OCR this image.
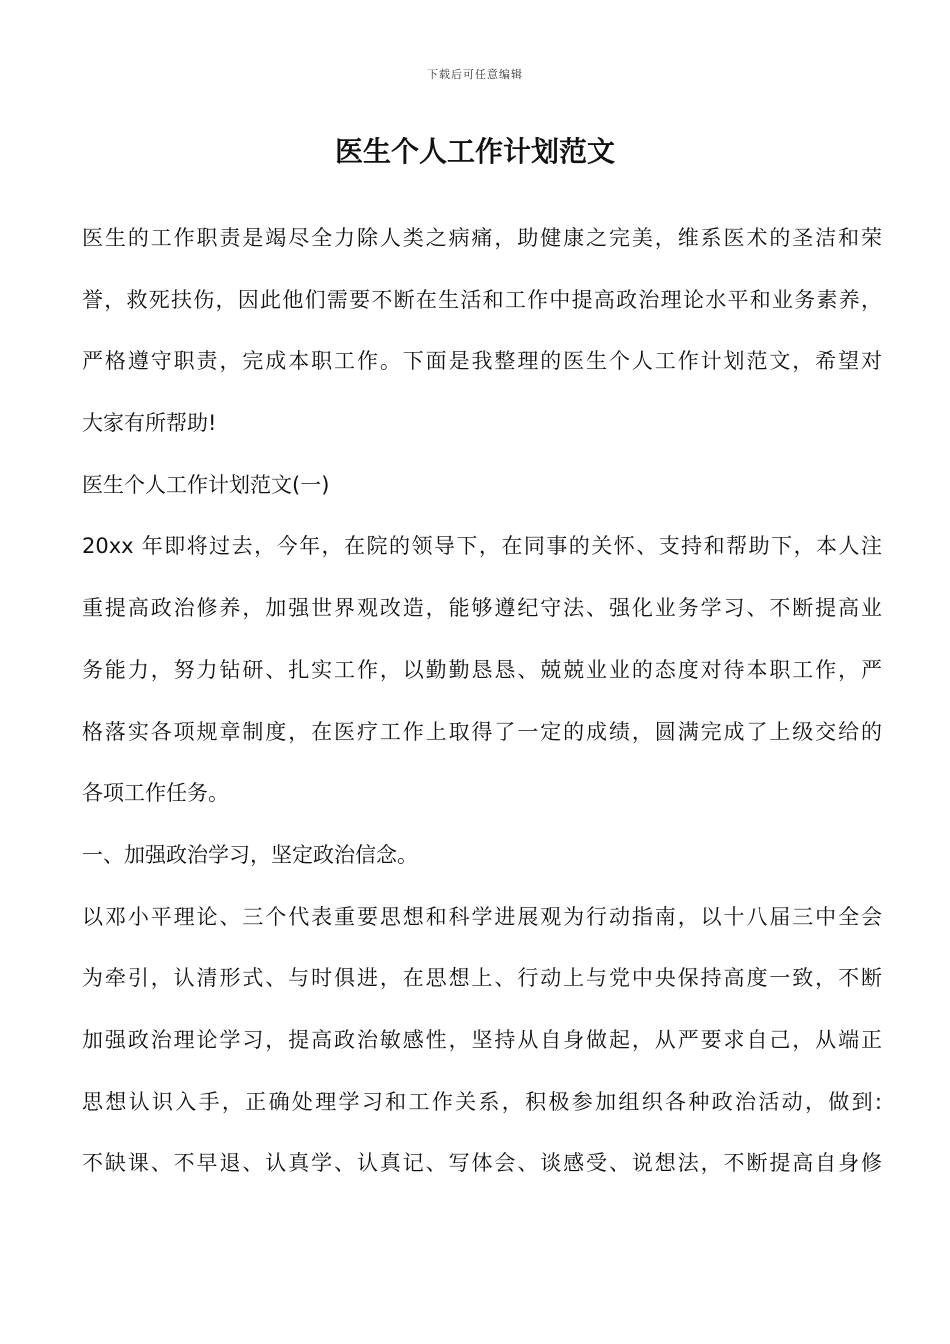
下载后可任意编辑
医生个人工作计划范文
医生的工作职责是竭尽全力除人类之病痛，助健康之完美，维系医术的圣洁和荣
誉，救死扶伤，因此他们需要不断在生活和工作中提高政治理论水平和业务素养，
严格遵守职责，完成本职工作。下面是我整理的医生个人工作计划范文，希望对
大家有所帮助!
医生个人工作计划范文(一)
20xx 年即将过去，今年，在院的领导下，在同事的关怀、支持和帮助下，本人注
重提高政治修养，加强世界观改造，能够遵纪守法、强化业务学习、不断提高业
务能力，努力钻研、扎实工作，以勤勤恳恳、兢兢业业的态度对待本职工作，严
格落实各项规章制度，在医疗工作上取得了一定的成绩，圆满完成了上级交给的
各项工作任务。
一、加强政治学习，坚定政治信念。
以邓小平理论、三个代表重要思想和科学进展观为行动指南，以十八届三中全会
为牵引，认清形式、与时俱进，在思想上、行动上与党中央保持高度一致，不断
加强政治理论学习，提高政治敏感性，坚持从自身做起，从严要求自己，从端正
思想认识入手，正确处理学习和工作关系，积极参加组织各种政治活动，做到:
不缺课、不早退、认真学、认真记、写体会、谈感受、说想法，不断提高自身修
